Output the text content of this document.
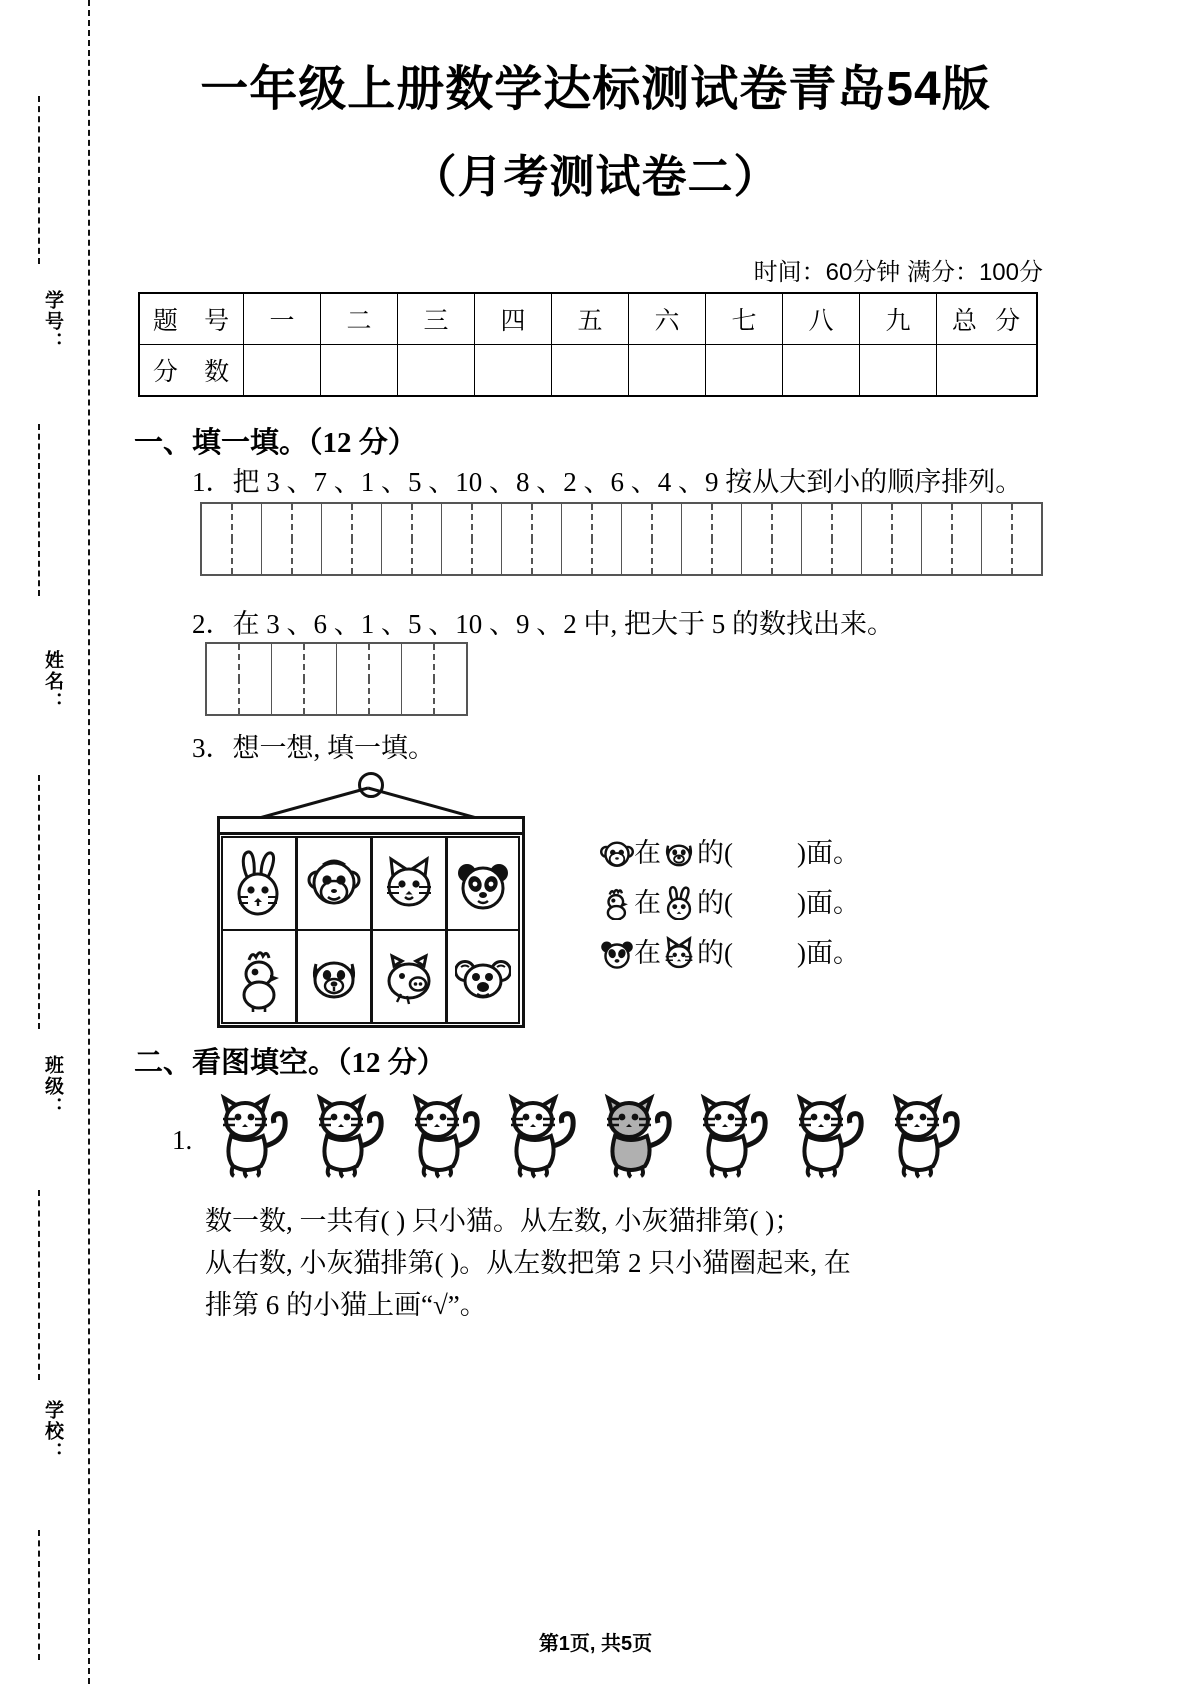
学号：
姓名：
班级：
学校：
一年级上册数学达标测试卷青岛54版
（月考测试卷二）
时间：60分钟 满分：100分
题 号	一	二	三	四	五	六	七	八	九	总 分
分 数										
一、填一填。（12 分）
1．把 3 、7 、1 、5 、10 、8 、2 、6 、4 、9 按从大到小的顺序排列。
2．在 3 、6 、1 、5 、10 、9 、2 中, 把大于 5 的数找出来。
3．想一想, 填一填。
在 的( )面。
在 的( )面。
在 的( )面。
二、看图填空。（12 分）
1.
数一数, 一共有( ) 只小猫。从左数, 小灰猫排第( )；
从右数, 小灰猫排第( )。从左数把第 2 只小猫圈起来, 在
排第 6 的小猫上画“√”。
第1页, 共5页
